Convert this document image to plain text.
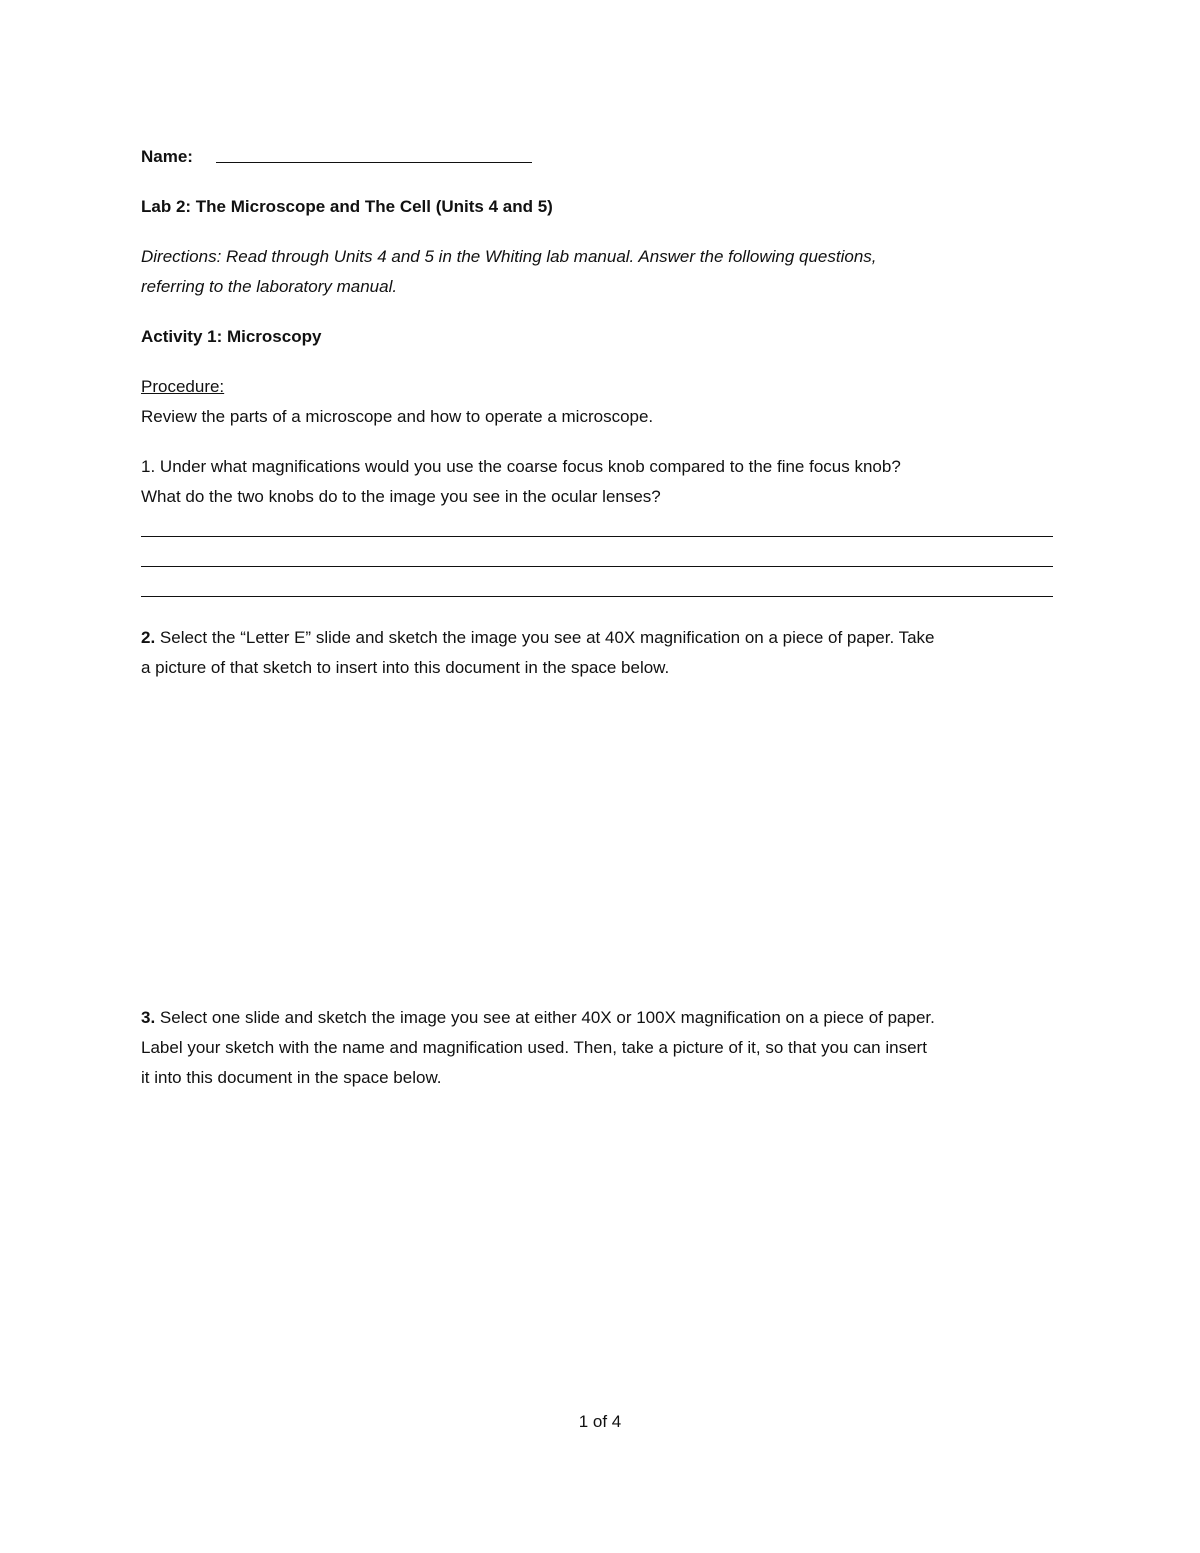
Name:
Lab 2: The Microscope and The Cell (Units 4 and 5)
Directions: Read through Units 4 and 5 in the Whiting lab manual. Answer the following questions,
referring to the laboratory manual.
Activity 1: Microscopy
Procedure:
Review the parts of a microscope and how to operate a microscope.
1. Under what magnifications would you use the coarse focus knob compared to the fine focus knob?
What do the two knobs do to the image you see in the ocular lenses?
2. Select the “Letter E” slide and sketch the image you see at 40X magnification on a piece of paper. Take
a picture of that sketch to insert into this document in the space below.
3. Select one slide and sketch the image you see at either 40X or 100X magnification on a piece of paper.
Label your sketch with the name and magnification used. Then, take a picture of it, so that you can insert
it into this document in the space below.
1 of 4
